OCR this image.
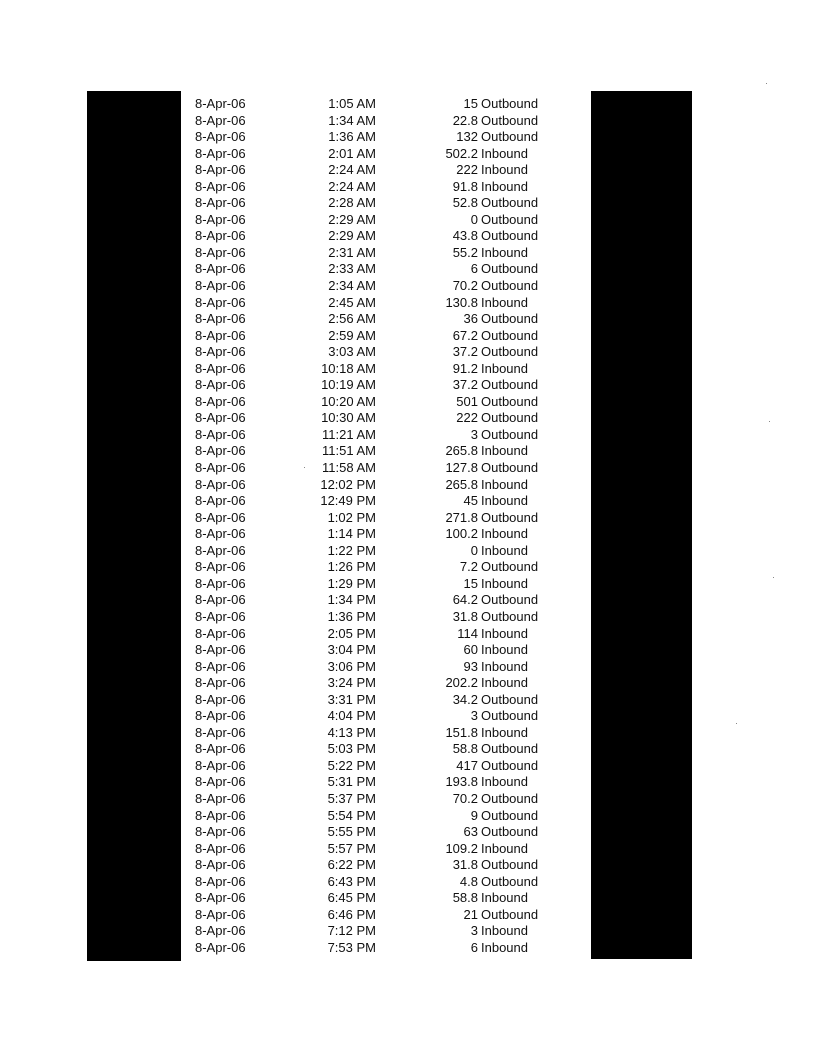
8-Apr-06	1:05 AM	15 Outbound
8-Apr-06	1:34 AM	22.8 Outbound
8-Apr-06	1:36 AM	132 Outbound
8-Apr-06	2:01 AM	502.2 Inbound
8-Apr-06	2:24 AM	222 Inbound
8-Apr-06	2:24 AM	91.8 Inbound
8-Apr-06	2:28 AM	52.8 Outbound
8-Apr-06	2:29 AM	0 Outbound
8-Apr-06	2:29 AM	43.8 Outbound
8-Apr-06	2:31 AM	55.2 Inbound
8-Apr-06	2:33 AM	6 Outbound
8-Apr-06	2:34 AM	70.2 Outbound
8-Apr-06	2:45 AM	130.8 Inbound
8-Apr-06	2:56 AM	36 Outbound
8-Apr-06	2:59 AM	67.2 Outbound
8-Apr-06	3:03 AM	37.2 Outbound
8-Apr-06	10:18 AM	91.2 Inbound
8-Apr-06	10:19 AM	37.2 Outbound
8-Apr-06	10:20 AM	501 Outbound
8-Apr-06	10:30 AM	222 Outbound
8-Apr-06	11:21 AM	3 Outbound
8-Apr-06	11:51 AM	265.8 Inbound
8-Apr-06	11:58 AM	127.8 Outbound
8-Apr-06	12:02 PM	265.8 Inbound
8-Apr-06	12:49 PM	45 Inbound
8-Apr-06	1:02 PM	271.8 Outbound
8-Apr-06	1:14 PM	100.2 Inbound
8-Apr-06	1:22 PM	0 Inbound
8-Apr-06	1:26 PM	7.2 Outbound
8-Apr-06	1:29 PM	15 Inbound
8-Apr-06	1:34 PM	64.2 Outbound
8-Apr-06	1:36 PM	31.8 Outbound
8-Apr-06	2:05 PM	114 Inbound
8-Apr-06	3:04 PM	60 Inbound
8-Apr-06	3:06 PM	93 Inbound
8-Apr-06	3:24 PM	202.2 Inbound
8-Apr-06	3:31 PM	34.2 Outbound
8-Apr-06	4:04 PM	3 Outbound
8-Apr-06	4:13 PM	151.8 Inbound
8-Apr-06	5:03 PM	58.8 Outbound
8-Apr-06	5:22 PM	417 Outbound
8-Apr-06	5:31 PM	193.8 Inbound
8-Apr-06	5:37 PM	70.2 Outbound
8-Apr-06	5:54 PM	9 Outbound
8-Apr-06	5:55 PM	63 Outbound
8-Apr-06	5:57 PM	109.2 Inbound
8-Apr-06	6:22 PM	31.8 Outbound
8-Apr-06	6:43 PM	4.8 Outbound
8-Apr-06	6:45 PM	58.8 Inbound
8-Apr-06	6:46 PM	21 Outbound
8-Apr-06	7:12 PM	3 Inbound
8-Apr-06	7:53 PM	6 Inbound
